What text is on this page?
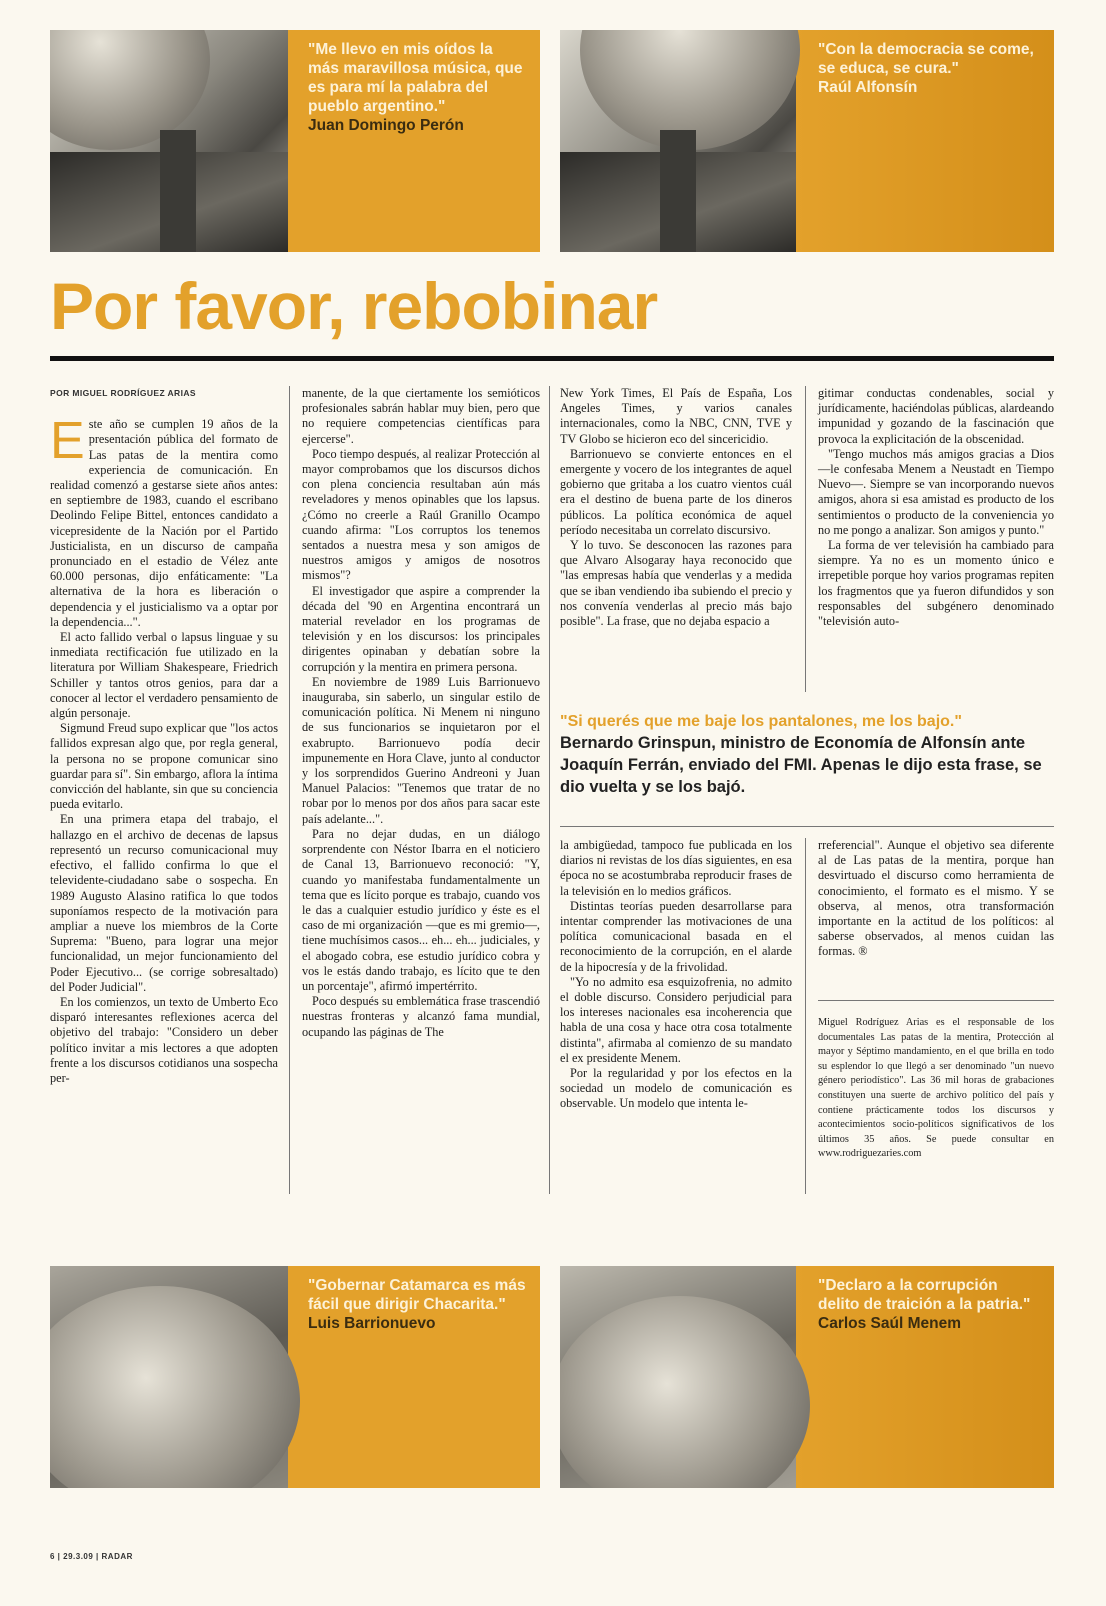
"Me llevo en mis oídos la más maravillosa música, que es para mí la palabra del pueblo argentino."
Juan Domingo Perón
"Con la democracia se come, se educa, se cura."
Raúl Alfonsín
Por favor, rebobinar
POR MIGUEL RODRÍGUEZ ARIAS

Este año se cumplen 19 años de la presentación pública del formato de Las patas de la mentira como experiencia de comunicación. En realidad comenzó a gestarse siete años antes: en septiembre de 1983, cuando el escribano Deolindo Felipe Bittel, entonces candidato a vicepresidente de la Nación por el Partido Justicialista, en un discurso de campaña pronunciado en el estadio de Vélez ante 60.000 personas, dijo enfáticamente: "La alternativa de la hora es liberación o dependencia y el justicialismo va a optar por la dependencia...".

El acto fallido verbal o lapsus linguae y su inmediata rectificación fue utilizado en la literatura por William Shakespeare, Friedrich Schiller y tantos otros genios, para dar a conocer al lector el verdadero pensamiento de algún personaje.

Sigmund Freud supo explicar que "los actos fallidos expresan algo que, por regla general, la persona no se propone comunicar sino guardar para sí". Sin embargo, aflora la íntima convicción del hablante, sin que su conciencia pueda evitarlo.

En una primera etapa del trabajo, el hallazgo en el archivo de decenas de lapsus representó un recurso comunicacional muy efectivo, el fallido confirma lo que el televidente-ciudadano sabe o sospecha. En 1989 Augusto Alasino ratifica lo que todos suponíamos respecto de la motivación para ampliar a nueve los miembros de la Corte Suprema: "Bueno, para lograr una mejor funcionalidad, un mejor funcionamiento del Poder Ejecutivo... (se corrige sobresaltado) del Poder Judicial".

En los comienzos, un texto de Umberto Eco disparó interesantes reflexiones acerca del objetivo del trabajo: "Considero un deber político invitar a mis lectores a que adopten frente a los discursos cotidianos una sospecha per-

manente, de la que ciertamente los semióticos profesionales sabrán hablar muy bien, pero que no requiere competencias científicas para ejercerse".

Poco tiempo después, al realizar Protección al mayor comprobamos que los discursos dichos con plena conciencia resultaban aún más reveladores y menos opinables que los lapsus. ¿Cómo no creerle a Raúl Granillo Ocampo cuando afirma: "Los corruptos los tenemos sentados a nuestra mesa y son amigos de nuestros amigos y amigos de nosotros mismos"?

El investigador que aspire a comprender la década del '90 en Argentina encontrará un material revelador en los programas de televisión y en los discursos: los principales dirigentes opinaban y debatían sobre la corrupción y la mentira en primera persona.

En noviembre de 1989 Luis Barrionuevo inauguraba, sin saberlo, un singular estilo de comunicación política. Ni Menem ni ninguno de sus funcionarios se inquietaron por el exabrupto. Barrionuevo podía decir impunemente en Hora Clave, junto al conductor y los sorprendidos Guerino Andreoni y Juan Manuel Palacios: "Tenemos que tratar de no robar por lo menos por dos años para sacar este país adelante...".

Para no dejar dudas, en un diálogo sorprendente con Néstor Ibarra en el noticiero de Canal 13, Barrionuevo reconoció: "Y, cuando yo manifestaba fundamentalmente un tema que es lícito porque es trabajo, cuando vos le das a cualquier estudio jurídico y éste es el caso de mi organización —que es mi gremio—, tiene muchísimos casos... eh... eh... judiciales, y el abogado cobra, ese estudio jurídico cobra y vos le estás dando trabajo, es lícito que te den un porcentaje", afirmó impertérrito.

Poco después su emblemática frase trascendió nuestras fronteras y alcanzó fama mundial, ocupando las páginas de The

New York Times, El País de España, Los Angeles Times, y varios canales internacionales, como la NBC, CNN, TVE y TV Globo se hicieron eco del sincericidio.

Barrionuevo se convierte entonces en el emergente y vocero de los integrantes de aquel gobierno que gritaba a los cuatro vientos cuál era el destino de buena parte de los dineros públicos. La política económica de aquel período necesitaba un correlato discursivo.

Y lo tuvo. Se desconocen las razones para que Alvaro Alsogaray haya reconocido que "las empresas había que venderlas y a medida que se iban vendiendo iba subiendo el precio y nos convenía venderlas al precio más bajo posible". La frase, que no dejaba espacio a

gitimar conductas condenables, social y jurídicamente, haciéndolas públicas, alardeando impunidad y gozando de la fascinación que provoca la explicitación de la obscenidad.

"Tengo muchos más amigos gracias a Dios —le confesaba Menem a Neustadt en Tiempo Nuevo—. Siempre se van incorporando nuevos amigos, ahora si esa amistad es producto de los sentimientos o producto de la conveniencia yo no me pongo a analizar. Son amigos y punto."

La forma de ver televisión ha cambiado para siempre. Ya no es un momento único e irrepetible porque hoy varios programas repiten los fragmentos que ya fueron difundidos y son responsables del subgénero denominado "televisión auto-

"Si querés que me baje los pantalones, me los bajo."
Bernardo Grinspun, ministro de Economía de Alfonsín ante Joaquín Ferrán, enviado del FMI. Apenas le dijo esta frase, se dio vuelta y se los bajó.

la ambigüedad, tampoco fue publicada en los diarios ni revistas de los días siguientes, en esa época no se acostumbraba reproducir frases de la televisión en lo medios gráficos.

Distintas teorías pueden desarrollarse para intentar comprender las motivaciones de una política comunicacional basada en el reconocimiento de la corrupción, en el alarde de la hipocresía y de la frivolidad.

"Yo no admito esa esquizofrenia, no admito el doble discurso. Considero perjudicial para los intereses nacionales esa incoherencia que habla de una cosa y hace otra cosa totalmente distinta", afirmaba al comienzo de su mandato el ex presidente Menem.

Por la regularidad y por los efectos en la sociedad un modelo de comunicación es observable. Un modelo que intenta le-

rreferencial". Aunque el objetivo sea diferente al de Las patas de la mentira, porque han desvirtuado el discurso como herramienta de conocimiento, el formato es el mismo. Y se observa, al menos, otra transformación importante en la actitud de los políticos: al saberse observados, al menos cuidan las formas. ®

Miguel Rodríguez Arias es el responsable de los documentales Las patas de la mentira, Protección al mayor y Séptimo mandamiento, en el que brilla en todo su esplendor lo que llegó a ser denominado "un nuevo género periodístico". Las 36 mil horas de grabaciones constituyen una suerte de archivo político del país y contiene prácticamente todos los discursos y acontecimientos socio-políticos significativos de los últimos 35 años. Se puede consultar en www.rodriguezaries.com
"Gobernar Catamarca es más fácil que dirigir Chacarita."
Luis Barrionuevo
"Declaro a la corrupción delito de traición a la patria."
Carlos Saúl Menem
6 | 29.3.09 | RADAR
